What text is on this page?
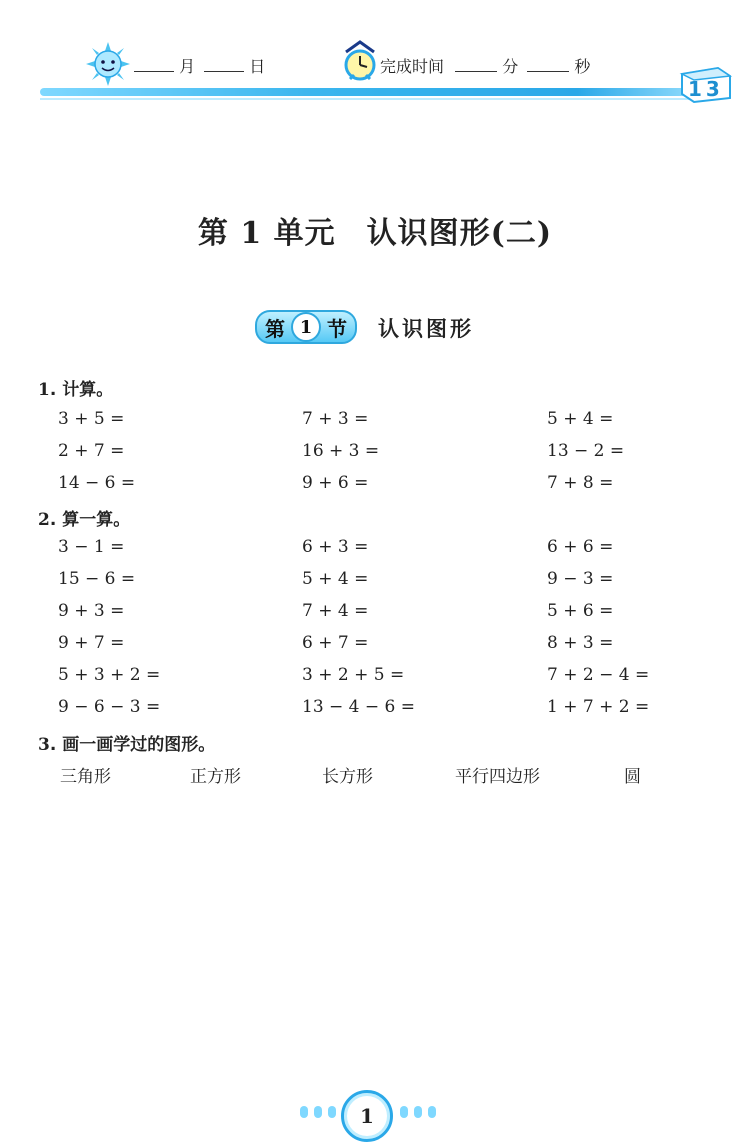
月	日	完成时间	分	秒
13
第 1 单元　认识图形(二)
第 1 节 认识图形
1. 计算。
3 + 5 =	7 + 3 =	5 + 4 =
2 + 7 =	16 + 3 =	13 − 2 =
14 − 6 =	9 + 6 =	7 + 8 =
2. 算一算。
3 − 1 =	6 + 3 =	6 + 6 =
15 − 6 =	5 + 4 =	9 − 3 =
9 + 3 =	7 + 4 =	5 + 6 =
9 + 7 =	6 + 7 =	8 + 3 =
5 + 3 + 2 =	3 + 2 + 5 =	7 + 2 − 4 =
9 − 6 − 3 =	13 − 4 − 6 =	1 + 7 + 2 =
3. 画一画学过的图形。
三角形	正方形	长方形	平行四边形	圆
1
